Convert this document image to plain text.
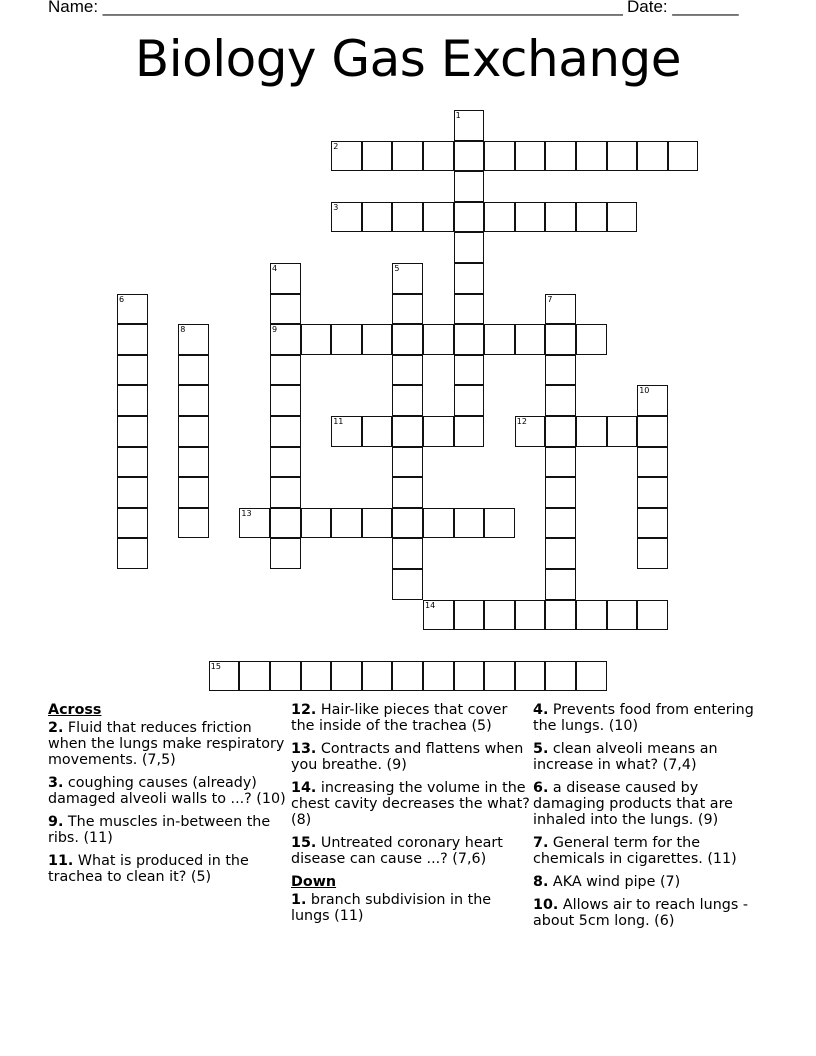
Name: _______________________________________________________ Date: _______
Biology Gas Exchange
1
2
3
4
9
5
6	7
8
10
11	12
13
14
15
Across
2. Fluid that reduces friction when the lungs make respiratory movements. (7,5)
3. coughing causes (already) damaged alveoli walls to ...? (10)
9. The muscles in-between the ribs. (11)
11. What is produced in the trachea to clean it? (5)
12. Hair-like pieces that cover the inside of the trachea (5)
13. Contracts and flattens when you breathe. (9)
14. increasing the volume in the chest cavity decreases the what? (8)
15. Untreated coronary heart disease can cause ...? (7,6)
Down
1. branch subdivision in the lungs (11)
4. Prevents food from entering the lungs. (10)
5. clean alveoli means an increase in what? (7,4)
6. a disease caused by damaging products that are inhaled into the lungs. (9)
7. General term for the chemicals in cigarettes. (11)
8. AKA wind pipe (7)
10. Allows air to reach lungs - about 5cm long. (6)
